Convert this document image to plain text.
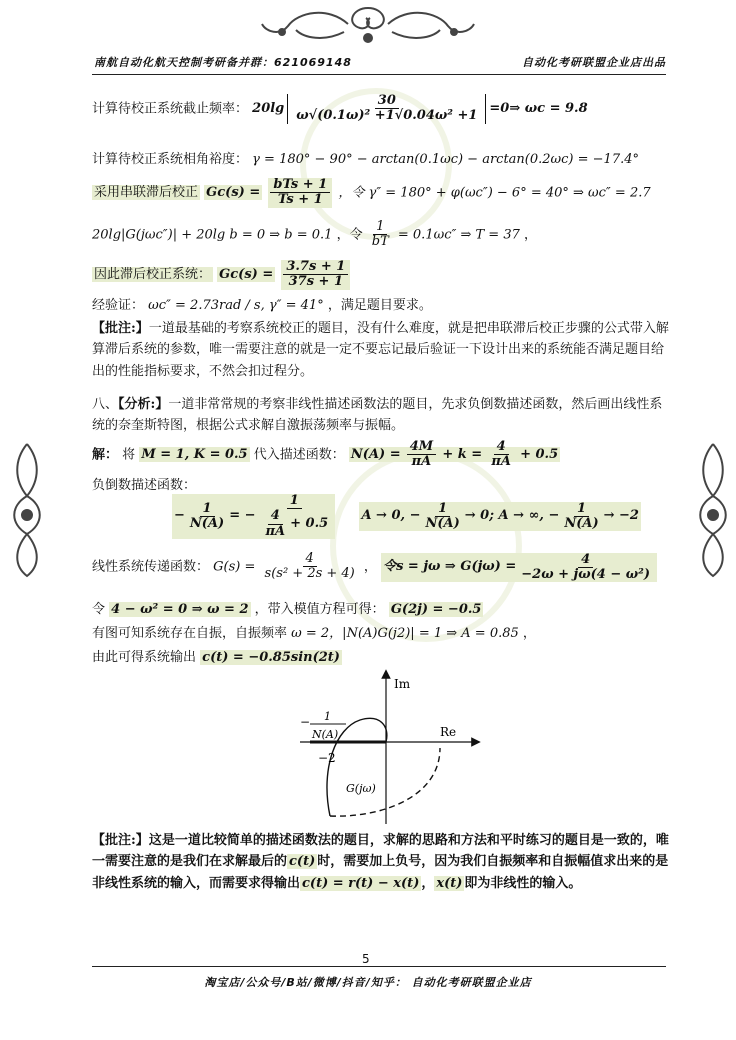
南航自动化航天控制考研备并群：621069148	自动化考研联盟企业店出品
计算待校正系统截止频率： $20\lg \frac{30}{\text{ω√(0.1ω)² +1√0.04ω² +1}}$ =0⇒ ωc = 9.8
计算待校正系统相角裕度： γ = 180° − 90° − arctan(0.1ωc) − arctan(0.2ωc) = −17.4°
采用串联滞后校正 $Gc(s) = \frac{\text{bTs + 1}}{Ts + 1}$ ，令 γ″ = 180° + φ(ωc″) − 6° = 40° ⇒ ωc″ = 2.7
20lg|G(jωc″)| + 20lg b = 0 ⇒ b = 0.1 ，令 $\frac{1}{bT} = 0.1\omega c''$ ⇒ T = 37 ，
因此滞后校正系统： $Gc(s) = \frac{3.7s + 1}{37s + 1}$
经验证： ωc″ = 2.73rad / s, γ″ = 41° ，满足题目要求。
【批注:】一道最基础的考察系统校正的题目，没有什么难度，就是把串联滞后校正步骤的公式带入解算滞后系统的参数，唯一需要注意的就是一定不要忘记最后验证一下设计出来的系统能否满足题目给出的性能指标要求，不然会扣过程分。
八、【分析:】一道非常常规的考察非线性描述函数法的题目，先求负倒数描述函数，然后画出线性系统的奈奎斯特图，根据公式求解自激振荡频率与振幅。
解： 将 M = 1, K = 0.5 代入描述函数： $N(A) = \frac{4M}{\pi A} + k = \frac{4}{\pi A} + 0.5$
负倒数描述函数：
− $\frac{1}{N(A)}$ = − $\frac{1}{\frac{4}{\pi A} + 0.5}$
A → 0, − $\frac{1}{N(A)} \to 0$; A → ∞, − $\frac{1}{N(A)} \to -2$
线性系统传递函数： $G(s) = \frac{4}{\text{s(s² + 2s + 4)}}$ ， 令s = jω ⇒ $G(j\omega) = \frac{4}{\text{−2ω + jω(4 − ω²)}}$
令 4 − ω² = 0 ⇒ ω = 2 ，带入模值方程可得： G(2j) = −0.5
有图可知系统存在自振，自振频率 ω = 2，|N(A)G(j2)| = 1 ⇒ A = 0.85 ，
由此可得系统输出 c(t) = −0.85sin(2t)
【批注:】这是一道比较简单的描述函数法的题目，求解的思路和方法和平时练习的题目是一致的，唯一需要注意的是我们在求解最后的 c(t) 时，需要加上负号，因为我们自振频率和自振幅值求出来的是非线性系统的输入，而需要求得输出 c(t) = r(t) − x(t) ， x(t) 即为非线性的输入。
Im
Re
− 1
N(A)
−2
G(jω)
5
淘宝店/公众号/B站/微博/抖音/知乎： 自动化考研联盟企业店
